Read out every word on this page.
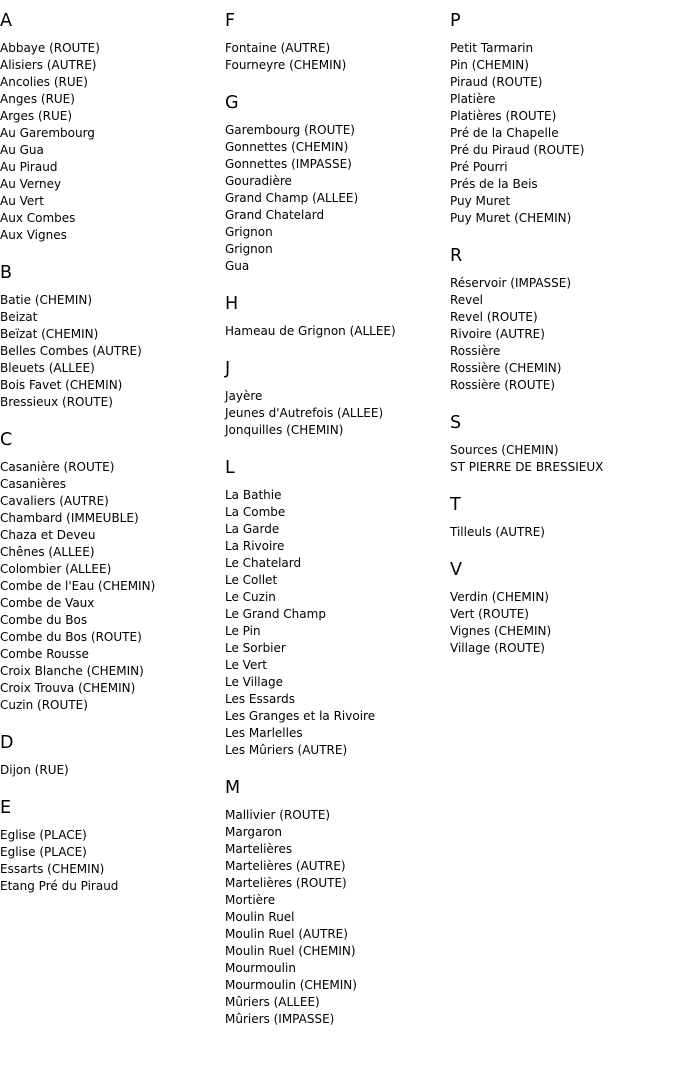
A
Abbaye (ROUTE)
Alisiers (AUTRE)
Ancolies (RUE)
Anges (RUE)
Arges (RUE)
Au Garembourg
Au Gua
Au Piraud
Au Verney
Au Vert
Aux Combes
Aux Vignes
B
Batie (CHEMIN)
Beizat
Beïzat (CHEMIN)
Belles Combes (AUTRE)
Bleuets (ALLEE)
Bois Favet (CHEMIN)
Bressieux (ROUTE)
C
Casanière (ROUTE)
Casanières
Cavaliers (AUTRE)
Chambard (IMMEUBLE)
Chaza et Deveu
Chênes (ALLEE)
Colombier (ALLEE)
Combe de l'Eau (CHEMIN)
Combe de Vaux
Combe du Bos
Combe du Bos (ROUTE)
Combe Rousse
Croix Blanche (CHEMIN)
Croix Trouva (CHEMIN)
Cuzin (ROUTE)
D
Dijon (RUE)
E
Eglise (PLACE)
Eglise (PLACE)
Essarts (CHEMIN)
Etang Pré du Piraud
F
Fontaine (AUTRE)
Fourneyre (CHEMIN)
G
Garembourg (ROUTE)
Gonnettes (CHEMIN)
Gonnettes (IMPASSE)
Gouradière
Grand Champ (ALLEE)
Grand Chatelard
Grignon
Grignon
Gua
H
Hameau de Grignon (ALLEE)
J
Jayère
Jeunes d'Autrefois (ALLEE)
Jonquilles (CHEMIN)
L
La Bathie
La Combe
La Garde
La Rivoire
Le Chatelard
Le Collet
Le Cuzin
Le Grand Champ
Le Pin
Le Sorbier
Le Vert
Le Village
Les Essards
Les Granges et la Rivoire
Les Marlelles
Les Mûriers (AUTRE)
M
Mallivier (ROUTE)
Margaron
Martelières
Martelières (AUTRE)
Martelières (ROUTE)
Mortière
Moulin Ruel
Moulin Ruel (AUTRE)
Moulin Ruel (CHEMIN)
Mourmoulin
Mourmoulin (CHEMIN)
Mûriers (ALLEE)
Mûriers (IMPASSE)
P
Petit Tarmarin
Pin (CHEMIN)
Piraud (ROUTE)
Platière
Platières (ROUTE)
Pré de la Chapelle
Pré du Piraud (ROUTE)
Pré Pourri
Prés de la Beis
Puy Muret
Puy Muret (CHEMIN)
R
Réservoir (IMPASSE)
Revel
Revel (ROUTE)
Rivoire (AUTRE)
Rossière
Rossière (CHEMIN)
Rossière (ROUTE)
S
Sources (CHEMIN)
ST PIERRE DE BRESSIEUX
T
Tilleuls (AUTRE)
V
Verdin (CHEMIN)
Vert (ROUTE)
Vignes (CHEMIN)
Village (ROUTE)
